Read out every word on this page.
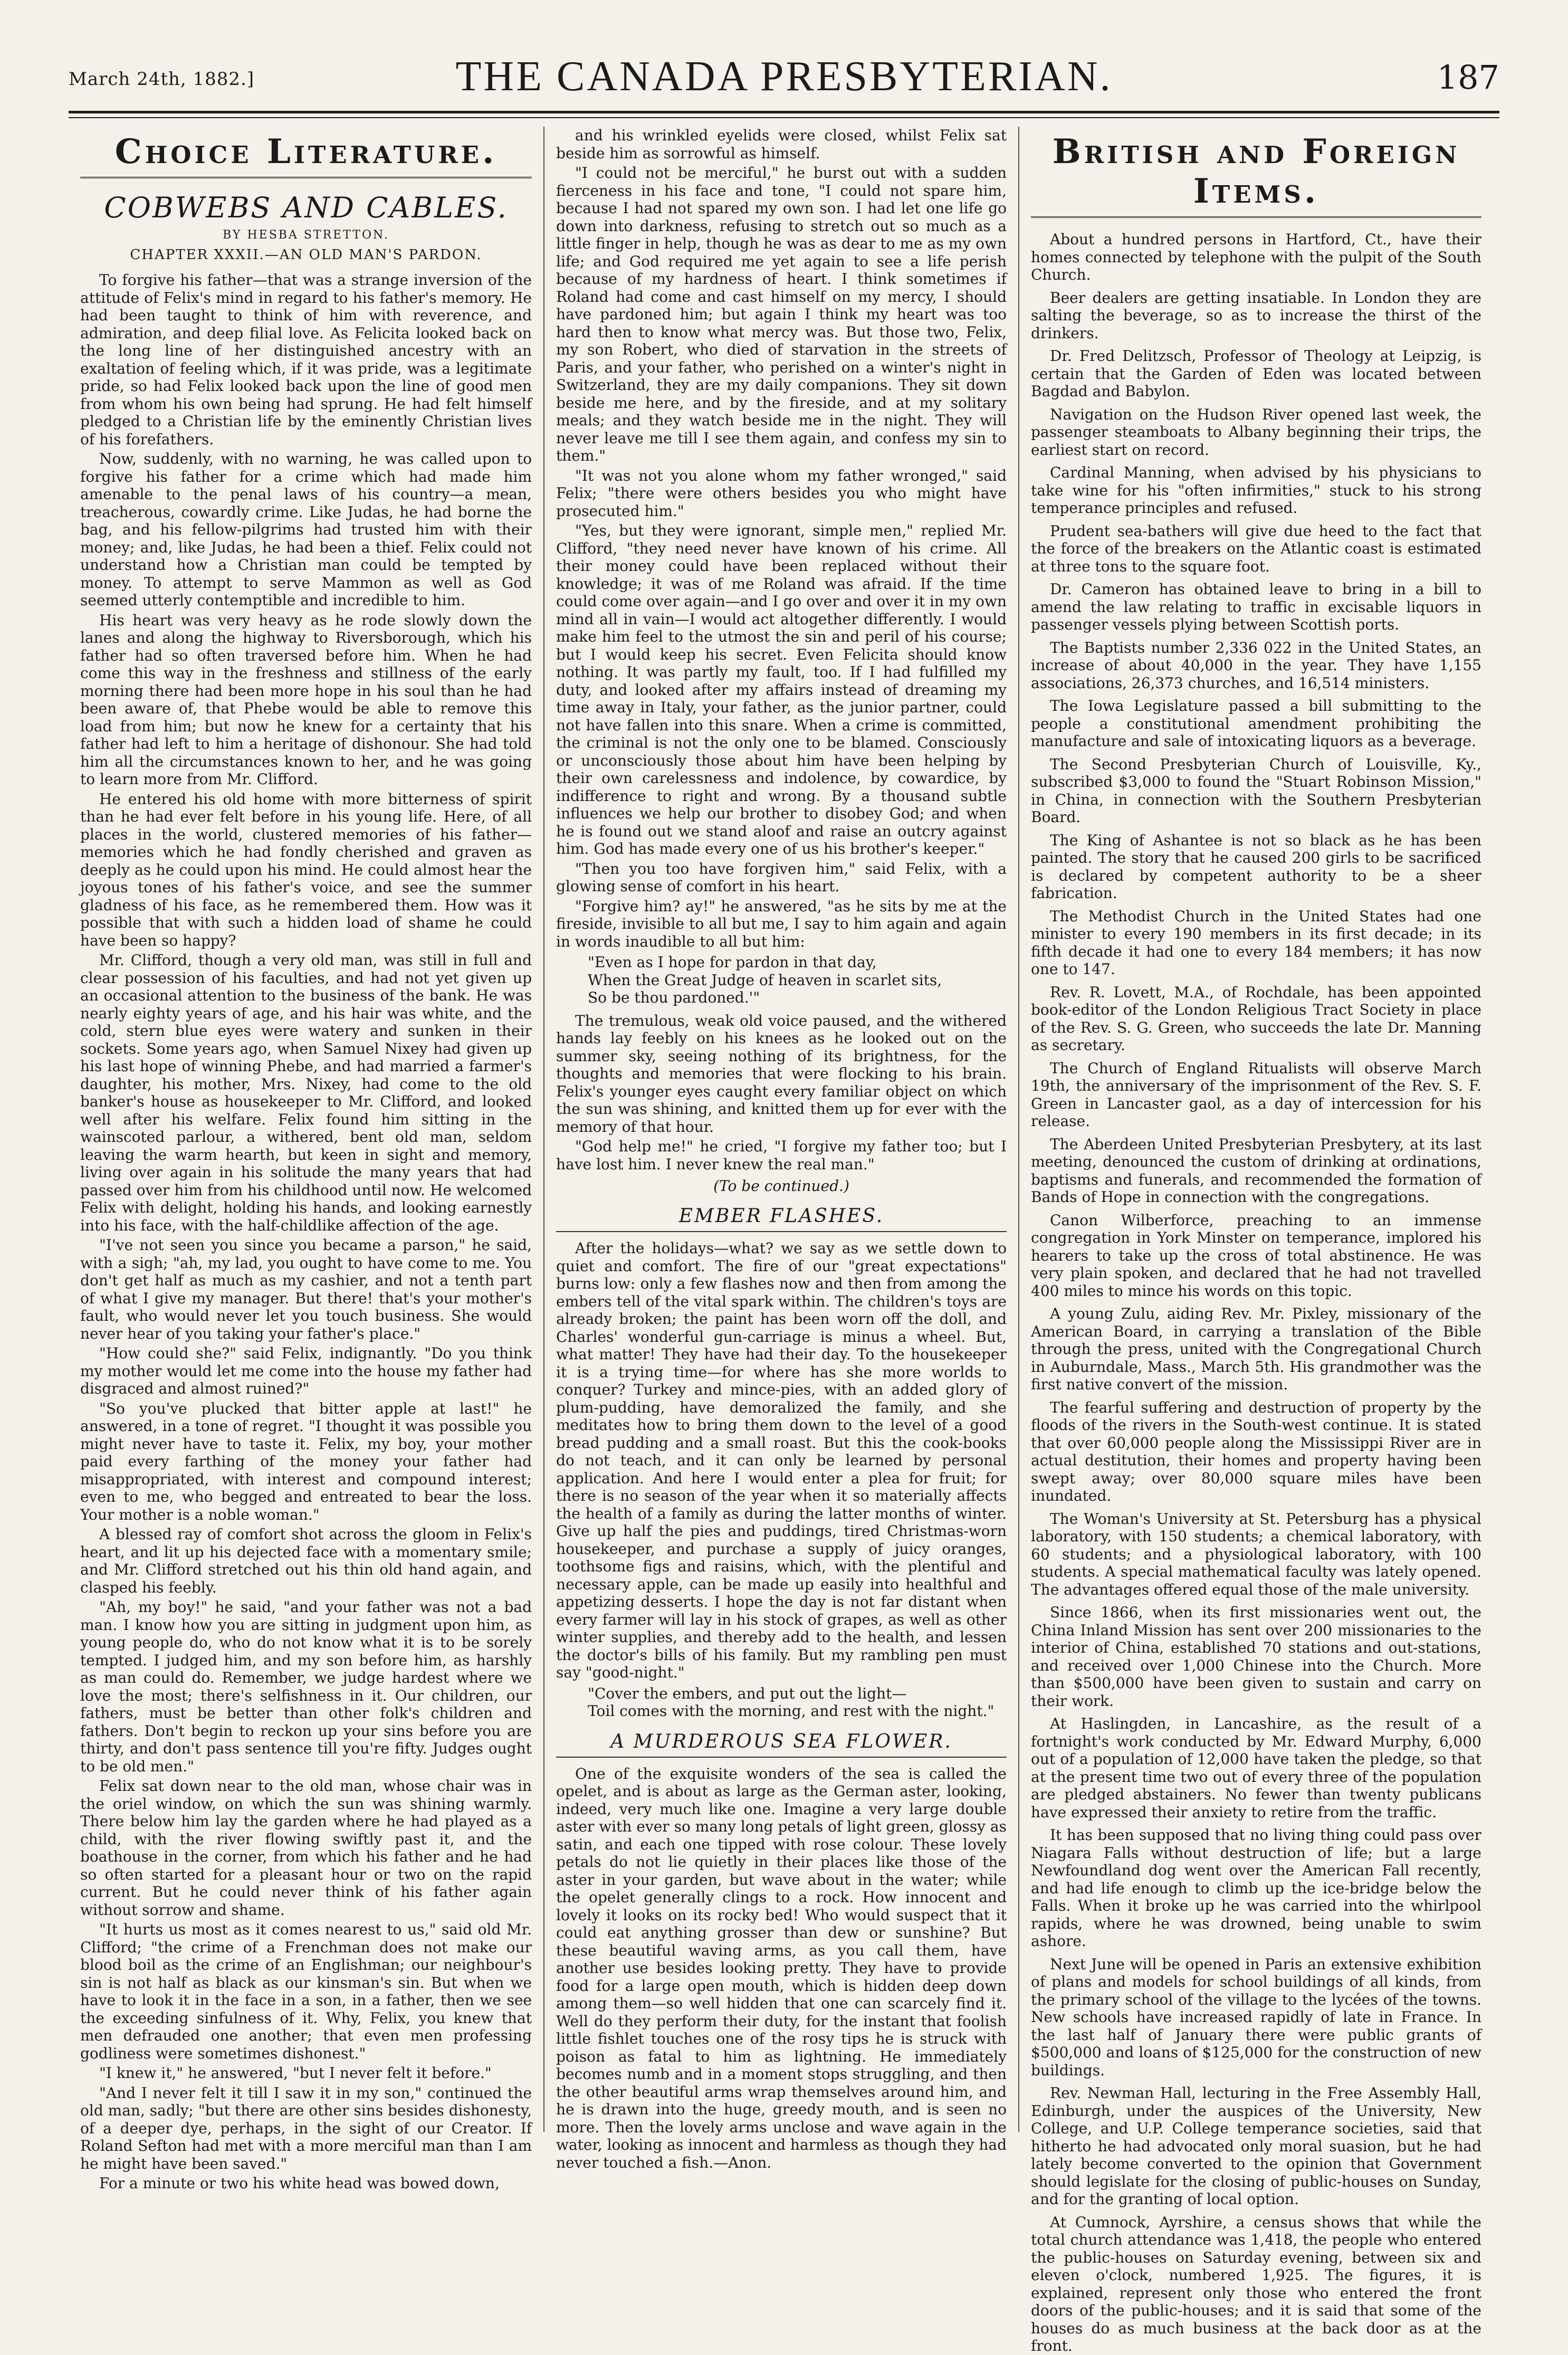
March 24th, 1882.]	THE CANADA PRESBYTERIAN.	187
Choice Literature.
COBWEBS AND CABLES.
BY HESBA STRETTON.
CHAPTER XXXII.—AN OLD MAN'S PARDON.

To forgive his father—that was a strange inversion of the attitude of Felix's mind in regard to his father's memory. He had been taught to think of him with reverence, and admiration, and deep filial love. As Felicita looked back on the long line of her distinguished ancestry with an exaltation of feeling which, if it was pride, was a legitimate pride, so had Felix looked back upon the line of good men from whom his own being had sprung. He had felt himself pledged to a Christian life by the eminently Christian lives of his forefathers.

Now, suddenly, with no warning, he was called upon to forgive his father for a crime which had made him amenable to the penal laws of his country—a mean, treacherous, cowardly crime. Like Judas, he had borne the bag, and his fellow-pilgrims had trusted him with their money; and, like Judas, he had been a thief. Felix could not understand how a Christian man could be tempted by money. To attempt to serve Mammon as well as God seemed utterly contemptible and incredible to him.

His heart was very heavy as he rode slowly down the lanes and along the highway to Riversborough, which his father had so often traversed before him. When he had come this way in the freshness and stillness of the early morning there had been more hope in his soul than he had been aware of, that Phebe would be able to remove this load from him; but now he knew for a certainty that his father had left to him a heritage of dishonour. She had told him all the circumstances known to her, and he was going to learn more from Mr. Clifford.

He entered his old home with more bitterness of spirit than he had ever felt before in his young life. Here, of all places in the world, clustered memories of his father—memories which he had fondly cherished and graven as deeply as he could upon his mind. He could almost hear the joyous tones of his father's voice, and see the summer gladness of his face, as he remembered them. How was it possible that with such a hidden load of shame he could have been so happy?

Mr. Clifford, though a very old man, was still in full and clear possession of his faculties, and had not yet given up an occasional attention to the business of the bank. He was nearly eighty years of age, and his hair was white, and the cold, stern blue eyes were watery and sunken in their sockets. Some years ago, when Samuel Nixey had given up his last hope of winning Phebe, and had married a farmer's daughter, his mother, Mrs. Nixey, had come to the old banker's house as housekeeper to Mr. Clifford, and looked well after his welfare. Felix found him sitting in the wainscoted parlour, a withered, bent old man, seldom leaving the warm hearth, but keen in sight and memory, living over again in his solitude the many years that had passed over him from his childhood until now. He welcomed Felix with delight, holding his hands, and looking earnestly into his face, with the half-childlike affection of the age.

"I've not seen you since you became a parson," he said, with a sigh; "ah, my lad, you ought to have come to me. You don't get half as much as my cashier, and not a tenth part of what I give my manager. But there! that's your mother's fault, who would never let you touch business. She would never hear of you taking your father's place."

"How could she?" said Felix, indignantly. "Do you think my mother would let me come into the house my father had disgraced and almost ruined?"

"So you've plucked that bitter apple at last!" he answered, in a tone of regret. "I thought it was possible you might never have to taste it. Felix, my boy, your mother paid every farthing of the money your father had misappropriated, with interest and compound interest; even to me, who begged and entreated to bear the loss. Your mother is a noble woman."

A blessed ray of comfort shot across the gloom in Felix's heart, and lit up his dejected face with a momentary smile; and Mr. Clifford stretched out his thin old hand again, and clasped his feebly.

"Ah, my boy!" he said, "and your father was not a bad man. I know how you are sitting in judgment upon him, as young people do, who do not know what it is to be sorely tempted. I judged him, and my son before him, as harshly as man could do. Remember, we judge hardest where we love the most; there's selfishness in it. Our children, our fathers, must be better than other folk's children and fathers. Don't begin to reckon up your sins before you are thirty, and don't pass sentence till you're fifty. Judges ought to be old men."

Felix sat down near to the old man, whose chair was in the oriel window, on which the sun was shining warmly. There below him lay the garden where he had played as a child, with the river flowing swiftly past it, and the boathouse in the corner, from which his father and he had so often started for a pleasant hour or two on the rapid current. But he could never think of his father again without sorrow and shame.

"It hurts us most as it comes nearest to us," said old Mr. Clifford; "the crime of a Frenchman does not make our blood boil as the crime of an Englishman; our neighbour's sin is not half as black as our kinsman's sin. But when we have to look it in the face in a son, in a father, then we see the exceeding sinfulness of it. Why, Felix, you knew that men defrauded one another; that even men professing godliness were sometimes dishonest."

"I knew it," he answered, "but I never felt it before."

"And I never felt it till I saw it in my son," continued the old man, sadly; "but there are other sins besides dishonesty, of a deeper dye, perhaps, in the sight of our Creator. If Roland Sefton had met with a more merciful man than I am he might have been saved."

For a minute or two his white head was bowed down,

and his wrinkled eyelids were closed, whilst Felix sat beside him as sorrowful as himself.

"I could not be merciful," he burst out with a sudden fierceness in his face and tone, "I could not spare him, because I had not spared my own son. I had let one life go down into darkness, refusing to stretch out so much as a little finger in help, though he was as dear to me as my own life; and God required me yet again to see a life perish because of my hardness of heart. I think sometimes if Roland had come and cast himself on my mercy, I should have pardoned him; but again I think my heart was too hard then to know what mercy was. But those two, Felix, my son Robert, who died of starvation in the streets of Paris, and your father, who perished on a winter's night in Switzerland, they are my daily companions. They sit down beside me here, and by the fireside, and at my solitary meals; and they watch beside me in the night. They will never leave me till I see them again, and confess my sin to them."

"It was not you alone whom my father wronged," said Felix; "there were others besides you who might have prosecuted him."

"Yes, but they were ignorant, simple men," replied Mr. Clifford, "they need never have known of his crime. All their money could have been replaced without their knowledge; it was of me Roland was afraid. If the time could come over again—and I go over and over it in my own mind all in vain—I would act altogether differently. I would make him feel to the utmost the sin and peril of his course; but I would keep his secret. Even Felicita should know nothing. It was partly my fault, too. If I had fulfilled my duty, and looked after my affairs instead of dreaming my time away in Italy, your father, as the junior partner, could not have fallen into this snare. When a crime is committed, the criminal is not the only one to be blamed. Consciously or unconsciously those about him have been helping by their own carelessness and indolence, by cowardice, by indifference to right and wrong. By a thousand subtle influences we help our brother to disobey God; and when he is found out we stand aloof and raise an outcry against him. God has made every one of us his brother's keeper."

"Then you too have forgiven him," said Felix, with a glowing sense of comfort in his heart.

"Forgive him? ay!" he answered, "as he sits by me at the fireside, invisible to all but me, I say to him again and again in words inaudible to all but him:

"Even as I hope for pardon in that day,
When the Great Judge of heaven in scarlet sits,
So be thou pardoned.'"

The tremulous, weak old voice paused, and the withered hands lay feebly on his knees as he looked out on the summer sky, seeing nothing of its brightness, for the thoughts and memories that were flocking to his brain. Felix's younger eyes caught every familiar object on which the sun was shining, and knitted them up for ever with the memory of that hour.

"God help me!" he cried, "I forgive my father too; but I have lost him. I never knew the real man."

(To be continued.)
EMBER FLASHES.

After the holidays—what? we say as we settle down to quiet and comfort. The fire of our "great expectations" burns low: only a few flashes now and then from among the embers tell of the vital spark within. The children's toys are already broken; the paint has been worn off the doll, and Charles' wonderful gun-carriage is minus a wheel. But, what matter! They have had their day. To the housekeeper it is a trying time—for where has she more worlds to conquer? Turkey and mince-pies, with an added glory of plum-pudding, have demoralized the family, and she meditates how to bring them down to the level of a good bread pudding and a small roast. But this the cook-books do not teach, and it can only be learned by personal application. And here I would enter a plea for fruit; for there is no season of the year when it so materially affects the health of a family as during the latter months of winter. Give up half the pies and puddings, tired Christmas-worn housekeeper, and purchase a supply of juicy oranges, toothsome figs and raisins, which, with the plentiful and necessary apple, can be made up easily into healthful and appetizing desserts. I hope the day is not far distant when every farmer will lay in his stock of grapes, as well as other winter supplies, and thereby add to the health, and lessen the doctor's bills of his family. But my rambling pen must say "good-night."

"Cover the embers, and put out the light—
Toil comes with the morning, and rest with the night."
A MURDEROUS SEA FLOWER.

One of the exquisite wonders of the sea is called the opelet, and is about as large as the German aster, looking, indeed, very much like one. Imagine a very large double aster with ever so many long petals of light green, glossy as satin, and each one tipped with rose colour. These lovely petals do not lie quietly in their places like those of the aster in your garden, but wave about in the water; while the opelet generally clings to a rock. How innocent and lovely it looks on its rocky bed! Who would suspect that it could eat anything grosser than dew or sunshine? But these beautiful waving arms, as you call them, have another use besides looking pretty. They have to provide food for a large open mouth, which is hidden deep down among them—so well hidden that one can scarcely find it. Well do they perform their duty, for the instant that foolish little fishlet touches one of the rosy tips he is struck with poison as fatal to him as lightning. He immediately becomes numb and in a moment stops struggling, and then the other beautiful arms wrap themselves around him, and he is drawn into the huge, greedy mouth, and is seen no more. Then the lovely arms unclose and wave again in the water, looking as innocent and harmless as though they had never touched a fish.—Anon.

British and Foreign Items.

About a hundred persons in Hartford, Ct., have their homes connected by telephone with the pulpit of the South Church.

Beer dealers are getting insatiable. In London they are salting the beverage, so as to increase the thirst of the drinkers.

Dr. Fred Delitzsch, Professor of Theology at Leipzig, is certain that the Garden of Eden was located between Bagdad and Babylon.

Navigation on the Hudson River opened last week, the passenger steamboats to Albany beginning their trips, the earliest start on record.

Cardinal Manning, when advised by his physicians to take wine for his "often infirmities," stuck to his strong temperance principles and refused.

Prudent sea-bathers will give due heed to the fact that the force of the breakers on the Atlantic coast is estimated at three tons to the square foot.

Dr. Cameron has obtained leave to bring in a bill to amend the law relating to traffic in excisable liquors in passenger vessels plying between Scottish ports.

The Baptists number 2,336 022 in the United States, an increase of about 40,000 in the year. They have 1,155 associations, 26,373 churches, and 16,514 ministers.

The Iowa Legislature passed a bill submitting to the people a constitutional amendment prohibiting the manufacture and sale of intoxicating liquors as a beverage.

The Second Presbyterian Church of Louisville, Ky., subscribed $3,000 to found the "Stuart Robinson Mission," in China, in connection with the Southern Presbyterian Board.

The King of Ashantee is not so black as he has been painted. The story that he caused 200 girls to be sacrificed is declared by competent authority to be a sheer fabrication.

The Methodist Church in the United States had one minister to every 190 members in its first decade; in its fifth decade it had one to every 184 members; it has now one to 147.

Rev. R. Lovett, M.A., of Rochdale, has been appointed book-editor of the London Religious Tract Society in place of the Rev. S. G. Green, who succeeds the late Dr. Manning as secretary.

The Church of England Ritualists will observe March 19th, the anniversary of the imprisonment of the Rev. S. F. Green in Lancaster gaol, as a day of intercession for his release.

The Aberdeen United Presbyterian Presbytery, at its last meeting, denounced the custom of drinking at ordinations, baptisms and funerals, and recommended the formation of Bands of Hope in connection with the congregations.

Canon Wilberforce, preaching to an immense congregation in York Minster on temperance, implored his hearers to take up the cross of total abstinence. He was very plain spoken, and declared that he had not travelled 400 miles to mince his words on this topic.

A young Zulu, aiding Rev. Mr. Pixley, missionary of the American Board, in carrying a translation of the Bible through the press, united with the Congregational Church in Auburndale, Mass., March 5th. His grandmother was the first native convert of the mission.

The fearful suffering and destruction of property by the floods of the rivers in the South-west continue. It is stated that over 60,000 people along the Mississippi River are in actual destitution, their homes and property having been swept away; over 80,000 square miles have been inundated.

The Woman's University at St. Petersburg has a physical laboratory, with 150 students; a chemical laboratory, with 60 students; and a physiological laboratory, with 100 students. A special mathematical faculty was lately opened. The advantages offered equal those of the male university.

Since 1866, when its first missionaries went out, the China Inland Mission has sent over 200 missionaries to the interior of China, established 70 stations and out-stations, and received over 1,000 Chinese into the Church. More than $500,000 have been given to sustain and carry on their work.

At Haslingden, in Lancashire, as the result of a fortnight's work conducted by Mr. Edward Murphy, 6,000 out of a population of 12,000 have taken the pledge, so that at the present time two out of every three of the population are pledged abstainers. No fewer than twenty publicans have expressed their anxiety to retire from the traffic.

It has been supposed that no living thing could pass over Niagara Falls without destruction of life; but a large Newfoundland dog went over the American Fall recently, and had life enough to climb up the ice-bridge below the Falls. When it broke up he was carried into the whirlpool rapids, where he was drowned, being unable to swim ashore.

Next June will be opened in Paris an extensive exhibition of plans and models for school buildings of all kinds, from the primary school of the village to the lycées of the towns. New schools have increased rapidly of late in France. In the last half of January there were public grants of $500,000 and loans of $125,000 for the construction of new buildings.

Rev. Newman Hall, lecturing in the Free Assembly Hall, Edinburgh, under the auspices of the University, New College, and U.P. College temperance societies, said that hitherto he had advocated only moral suasion, but he had lately become converted to the opinion that Government should legislate for the closing of public-houses on Sunday, and for the granting of local option.

At Cumnock, Ayrshire, a census shows that while the total church attendance was 1,418, the people who entered the public-houses on Saturday evening, between six and eleven o'clock, numbered 1,925. The figures, it is explained, represent only those who entered the front doors of the public-houses; and it is said that some of the houses do as much business at the back door as at the front.
